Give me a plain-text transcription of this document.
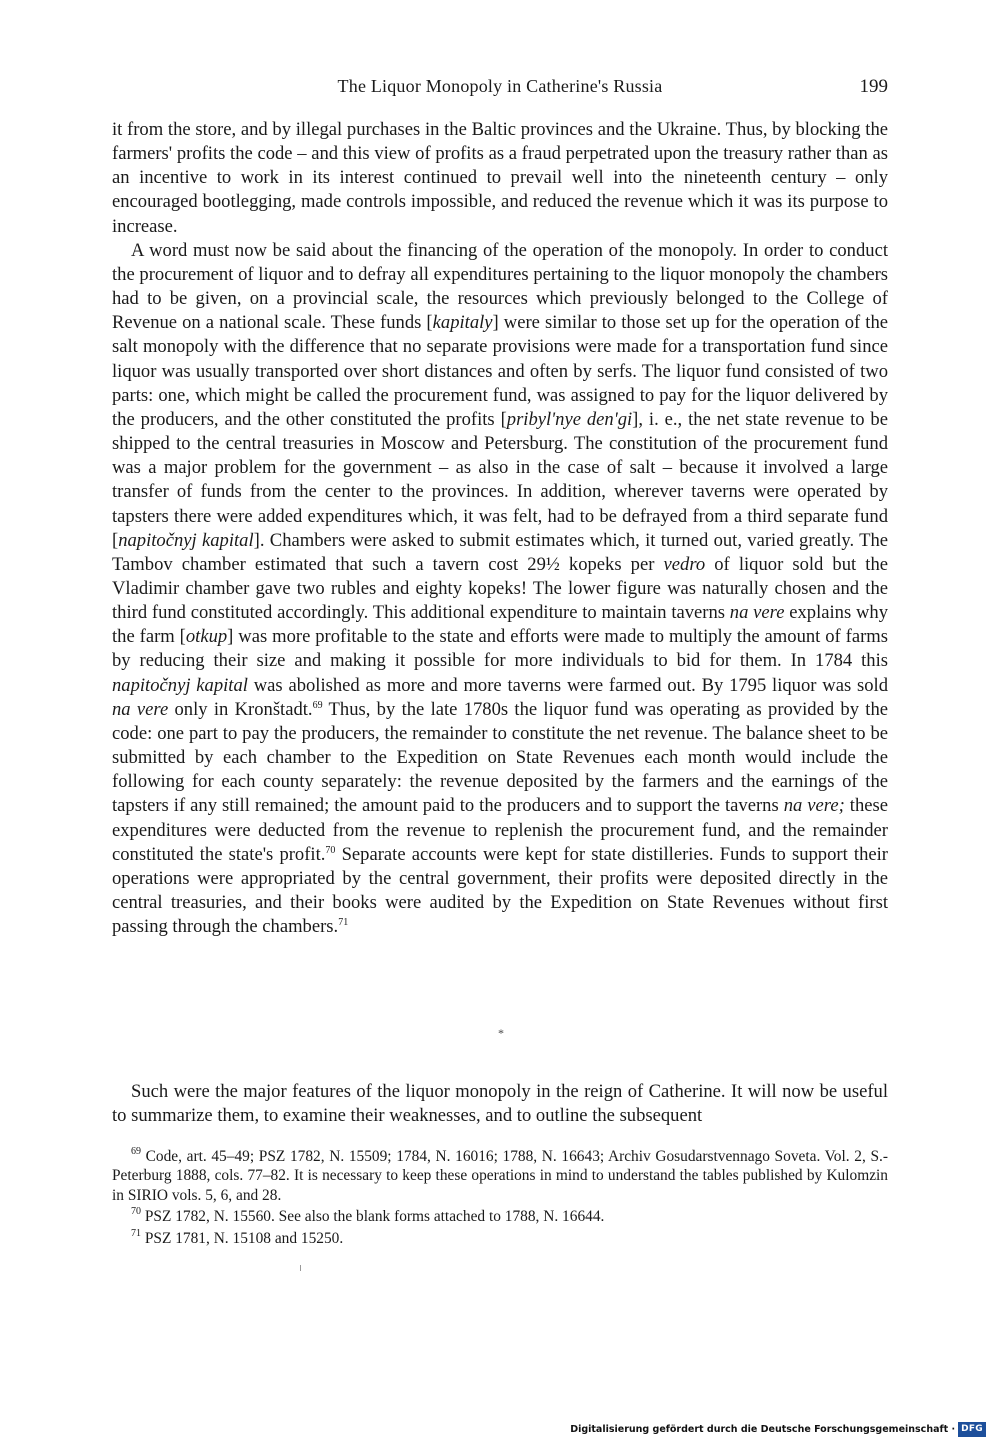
The Liquor Monopoly in Catherine's Russia	199

it from the store, and by illegal purchases in the Baltic provinces and the Ukraine. Thus, by blocking the farmers' profits the code – and this view of profits as a fraud perpetrated upon the treasury rather than as an incentive to work in its interest continued to prevail well into the nineteenth century – only encouraged bootlegging, made controls impossible, and reduced the revenue which it was its purpose to increase.

A word must now be said about the financing of the operation of the monopoly. In order to conduct the procurement of liquor and to defray all expenditures pertaining to the liquor monopoly the chambers had to be given, on a provincial scale, the resources which previously belonged to the College of Revenue on a national scale. These funds [kapitaly] were similar to those set up for the operation of the salt monopoly with the difference that no separate provisions were made for a transportation fund since liquor was usually transported over short distances and often by serfs. The liquor fund consisted of two parts: one, which might be called the procurement fund, was assigned to pay for the liquor delivered by the producers, and the other constituted the profits [pribyl'nye den'gi], i. e., the net state revenue to be shipped to the central treasuries in Moscow and Petersburg. The constitution of the procurement fund was a major problem for the government – as also in the case of salt – because it involved a large transfer of funds from the center to the provinces. In addition, wherever taverns were operated by tapsters there were added expenditures which, it was felt, had to be defrayed from a third separate fund [napitočnyj kapital]. Chambers were asked to submit estimates which, it turned out, varied greatly. The Tambov chamber estimated that such a tavern cost 29½ kopeks per vedro of liquor sold but the Vladimir chamber gave two rubles and eighty kopeks! The lower figure was naturally chosen and the third fund constituted accordingly. This additional expenditure to maintain taverns na vere explains why the farm [otkup] was more profitable to the state and efforts were made to multiply the amount of farms by reducing their size and making it possible for more individuals to bid for them. In 1784 this napitočnyj kapital was abolished as more and more taverns were farmed out. By 1795 liquor was sold na vere only in Kronštadt.$^{69}$ Thus, by the late 1780s the liquor fund was operating as provided by the code: one part to pay the producers, the remainder to constitute the net revenue. The balance sheet to be submitted by each chamber to the Expedition on State Revenues each month would include the following for each county separately: the revenue deposited by the farmers and the earnings of the tapsters if any still remained; the amount paid to the producers and to support the taverns na vere; these expenditures were deducted from the revenue to replenish the procurement fund, and the remainder constituted the state's profit.$^{70}$ Separate accounts were kept for state distilleries. Funds to support their operations were appropriated by the central government, their profits were deposited directly in the central treasuries, and their books were audited by the Expedition on State Revenues without first passing through the chambers.$^{71}$

*

Such were the major features of the liquor monopoly in the reign of Catherine. It will now be useful to summarize them, to examine their weaknesses, and to outline the subsequent

$^{69}$ Code, art. 45–49; PSZ 1782, N. 15509; 1784, N. 16016; 1788, N. 16643; Archiv Gosudarstvennago Soveta. Vol. 2, S.-Peterburg 1888, cols. 77–82. It is necessary to keep these operations in mind to understand the tables published by Kulomzin in SIRIO vols. 5, 6, and 28.

$^{70}$ PSZ 1782, N. 15560. See also the blank forms attached to 1788, N. 16644.

$^{71}$ PSZ 1781, N. 15108 and 15250.

Digitalisierung gefördert durch die Deutsche Forschungsgemeinschaft · DFG
